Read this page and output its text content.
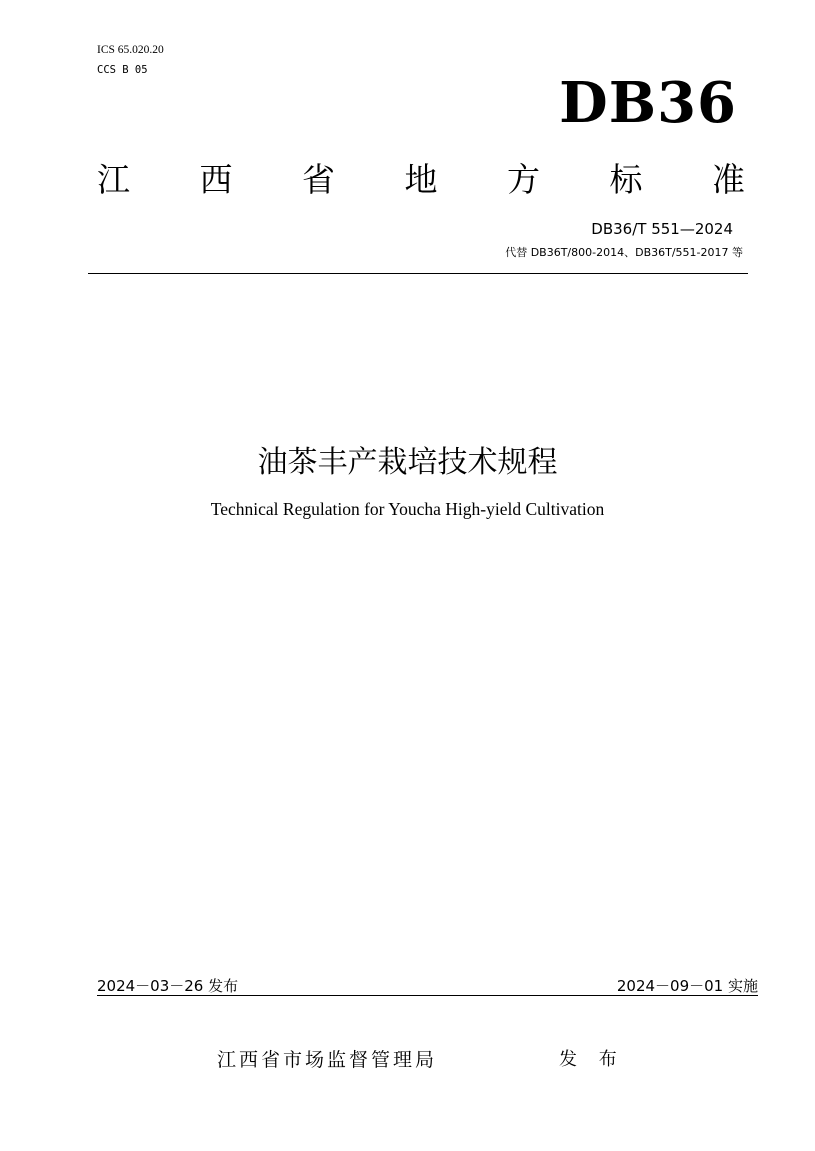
ICS 65.020.20
CCS B 05	DB36
江 西 省 地 方 标 准
DB36/T 551—2024
代替 DB36T/800-2014、DB36T/551-2017 等
油茶丰产栽培技术规程
Technical Regulation for Youcha High-yield Cultivation
2024－03－26 发布	2024－09－01 实施
江西省市场监督管理局	发 布
